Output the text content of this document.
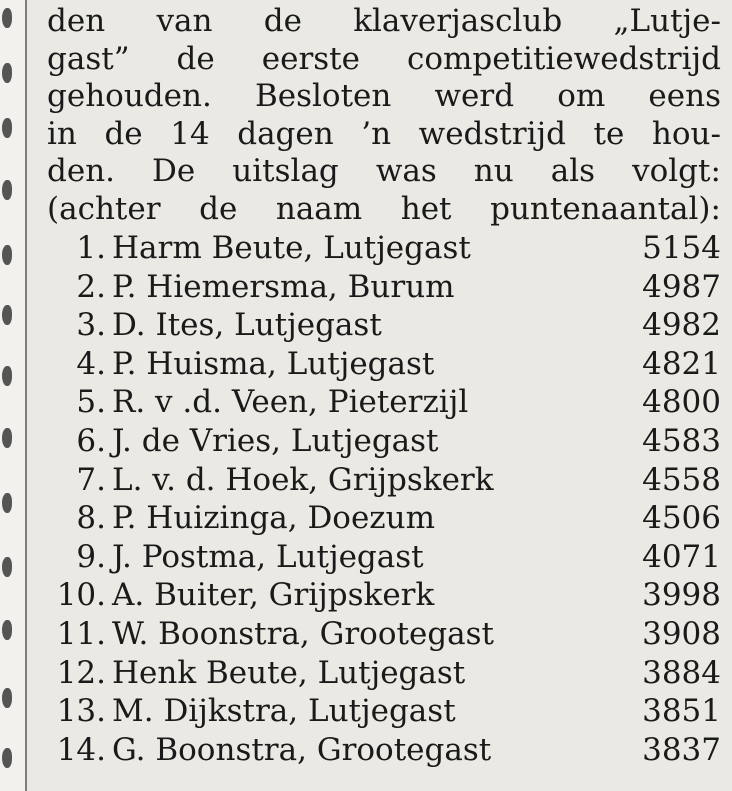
den van de klaverjasclub „Lutje-
gast” de eerste competitiewedstrijd
gehouden. Besloten werd om eens
in de 14 dagen ’n wedstrijd te hou-
den. De uitslag was nu als volgt:
(achter de naam het puntenaantal):
1. Harm Beute, Lutjegast	5154
2. P. Hiemersma, Burum	4987
3. D. Ites, Lutjegast	4982
4. P. Huisma, Lutjegast	4821
5. R. v .d. Veen, Pieterzijl	4800
6. J. de Vries, Lutjegast	4583
7. L. v. d. Hoek, Grijpskerk	4558
8. P. Huizinga, Doezum	4506
9. J. Postma, Lutjegast	4071
10. A. Buiter, Grijpskerk	3998
11. W. Boonstra, Grootegast	3908
12. Henk Beute, Lutjegast	3884
13. M. Dijkstra, Lutjegast	3851
14. G. Boonstra, Grootegast	3837
